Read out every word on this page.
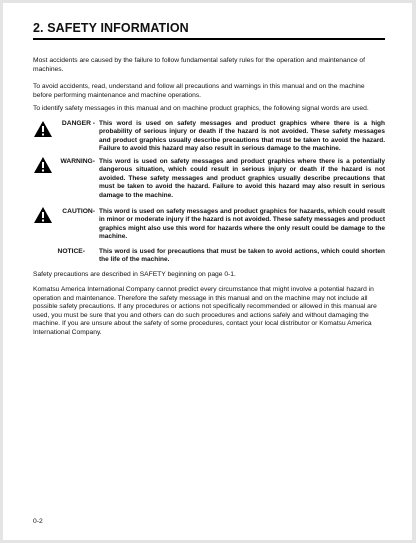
2. SAFETY INFORMATION

Most accidents are caused by the failure to follow fundamental safety rules for the operation and maintenance of machines.

To avoid accidents, read, understand and follow all precautions and warnings in this manual and on the machine before performing maintenance and machine operations.

To identify safety messages in this manual and on machine product graphics, the following signal words are used.

DANGER - This word is used on safety messages and product graphics where there is a high probability of serious injury or death if the hazard is not avoided. These safety messages and product graphics usually describe precautions that must be taken to avoid the hazard. Failure to avoid this hazard may also result in serious damage to the machine.
WARNING- This word is used on safety messages and product graphics where there is a potentially dangerous situation, which could result in serious injury or death if the hazard is not avoided. These safety messages and product graphics usually describe precautions that must be taken to avoid the hazard. Failure to avoid this hazard may also result in serious damage to the machine.
CAUTION- This word is used on safety messages and product graphics for hazards, which could result in minor or moderate injury if the hazard is not avoided. These safety messages and product graphics might also use this word for hazards where the only result could be damage to the machine.
NOTICE- This word is used for precautions that must be taken to avoid actions, which could shorten the life of the machine.

Safety precautions are described in SAFETY beginning on page 0-1.

Komatsu America International Company cannot predict every circumstance that might involve a potential hazard in operation and maintenance. Therefore the safety message in this manual and on the machine may not include all possible safety precautions. If any procedures or actions not specifically recommended or allowed in this manual are used, you must be sure that you and others can do such procedures and actions safely and without damaging the machine. If you are unsure about the safety of some procedures, contact your local distributor or Komatsu America International Company.

0-2
